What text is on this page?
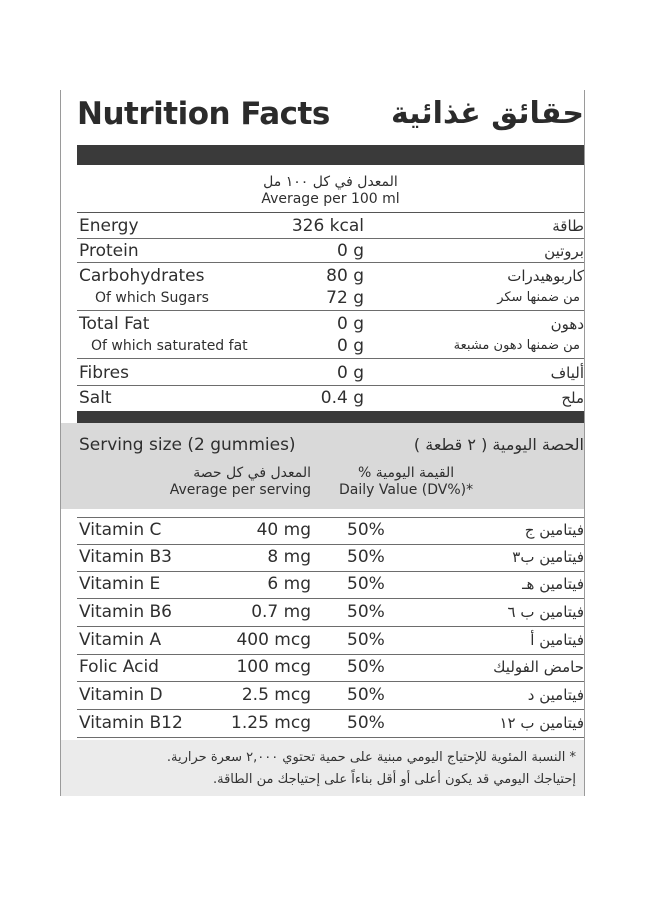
Nutrition Facts حقائق غذائية
المعدل في كل ١٠٠ مل
Average per 100 ml
Energy	326 kcal	طاقة
Protein	0 g	بروتين
Carbohydrates	80 g	كاربوهيدرات
Of which Sugars	72 g	من ضمنها سكر
Total Fat	0 g	دهون
Of which saturated fat	0 g	من ضمنها دهون مشبعة
Fibres	0 g	ألياف
Salt	0.4 g	ملح
Serving size (2 gummies)	الحصة اليومية ( ٢ قطعة )
المعدل في كل حصة
Average per serving
القيمة اليومية %
Daily Value (DV%)*
Vitamin C	40 mg 50%	فيتامين ج
Vitamin B3	8 mg 50%	فيتامين ب٣
Vitamin E	6 mg 50%	فيتامين هـ
Vitamin B6	0.7 mg 50%	فيتامين ب ٦
Vitamin A	400 mcg 50%	فيتامين أ
Folic Acid	100 mcg 50%	حامض الفوليك
Vitamin D	2.5 mcg 50%	فيتامين د
Vitamin B12	1.25 mcg 50%	فيتامين ب ١٢

* النسبة المئوية للإحتياج اليومي مبنية على حمية تحتوي ٢,٠٠٠ سعرة حرارية.

إحتياجك اليومي قد يكون أعلى أو أقل بناءاً على إحتياجك من الطاقة.
